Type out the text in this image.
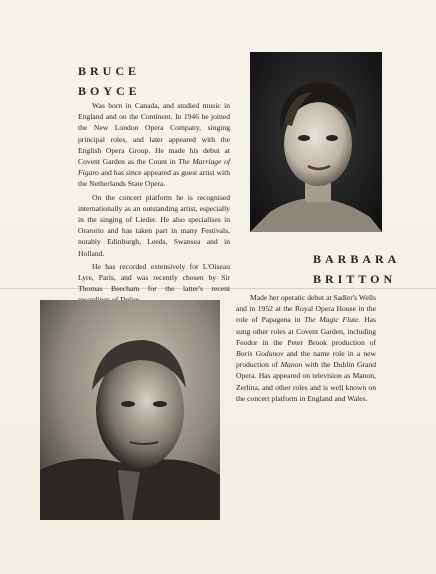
BRUCE
BOYCE

Was born in Canada, and studied music in England and on the Continent. In 1946 he joined the New London Opera Company, singing principal roles, and later appeared with the English Opera Group. He made his debut at Covent Garden as the Count in The Marriage of Figaro and has since appeared as guest artist with the Netherlands State Opera.

On the concert platform he is recognised internationally as an outstanding artist, especially in the singing of Lieder. He also specialises in Oratorio and has taken part in many Festivals, notably Edinburgh, Leeds, Swansea and in Holland.

He has recorded extensively for L'Oiseau Lyre, Paris, and was recently chosen by Sir Thomas Beecham for the latter's recent

BARBARA
BRITTON

Made her operatic debut at Sadler's Wells and in 1952 at the Royal Opera House in the role of Papagena in The Magic Flute. Has sung other roles at Covent Garden, including Feodor in the Peter Brook production of Boris Godunov and the name role in a new production of Manon with the Dublin Grand Opera. Has appeared on television as Manon, Zerlina, and other roles and is well known on the concert platform in England and Wales.
